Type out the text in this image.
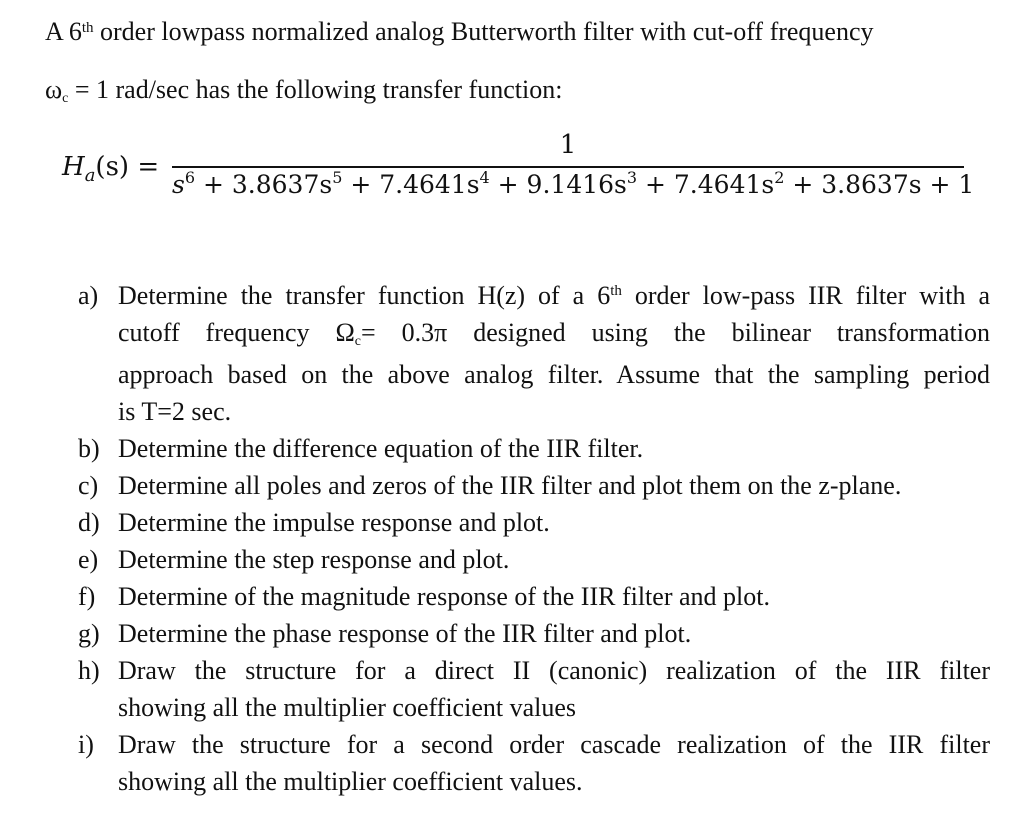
A 6th order lowpass normalized analog Butterworth filter with cut-off frequency
$\omega_c = 1$ rad/sec has the following transfer function:
$H_a(s)$ =
1
$s^6 + 3.8637s^5 + 7.4641s^4 + 9.1416s^3 + 7.4641s^2 + 3.8637s + 1$
a) Determine the transfer function H(z) of a 6th order low-pass IIR filter with a
cutoff frequency $\Omega_c= 0.3\pi$ designed using the bilinear transformation
approach based on the above analog filter. Assume that the sampling period
is T=2 sec.
b) Determine the difference equation of the IIR filter.
c) Determine all poles and zeros of the IIR filter and plot them on the z-plane.
d) Determine the impulse response and plot.
e) Determine the step response and plot.
f) Determine of the magnitude response of the IIR filter and plot.
g) Determine the phase response of the IIR filter and plot.
h) Draw the structure for a direct II (canonic) realization of the IIR filter
showing all the multiplier coefficient values
i) Draw the structure for a second order cascade realization of the IIR filter
showing all the multiplier coefficient values.
